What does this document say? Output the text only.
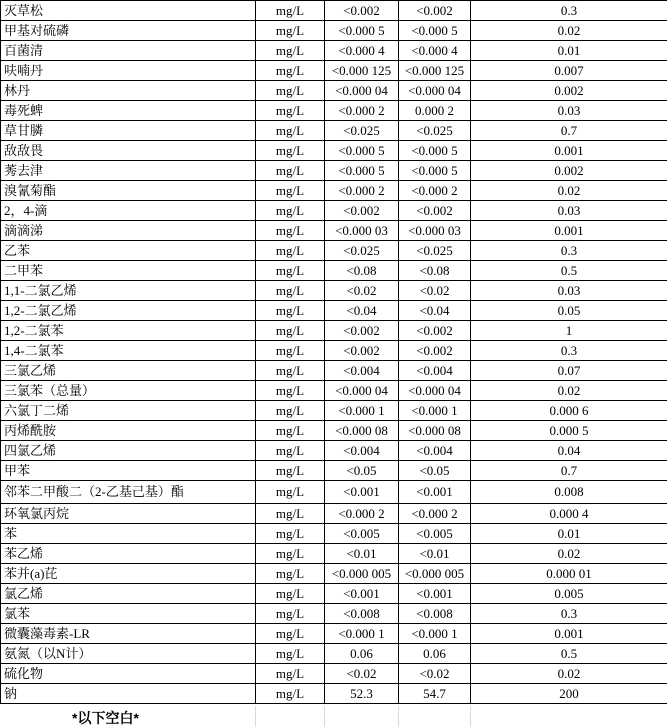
灭草松	mg/L	<0.002	<0.002	0.3
甲基对硫磷	mg/L	<0.000 5	<0.000 5	0.02
百菌清	mg/L	<0.000 4	<0.000 4	0.01
呋喃丹	mg/L	<0.000 125	<0.000 125	0.007
林丹	mg/L	<0.000 04	<0.000 04	0.002
毒死蜱	mg/L	<0.000 2	0.000 2	0.03
草甘膦	mg/L	<0.025	<0.025	0.7
敌敌畏	mg/L	<0.000 5	<0.000 5	0.001
莠去津	mg/L	<0.000 5	<0.000 5	0.002
溴氰菊酯	mg/L	<0.000 2	<0.000 2	0.02
2，4-滴	mg/L	<0.002	<0.002	0.03
滴滴涕	mg/L	<0.000 03	<0.000 03	0.001
乙苯	mg/L	<0.025	<0.025	0.3
二甲苯	mg/L	<0.08	<0.08	0.5
1,1-二氯乙烯	mg/L	<0.02	<0.02	0.03
1,2-二氯乙烯	mg/L	<0.04	<0.04	0.05
1,2-二氯苯	mg/L	<0.002	<0.002	1
1,4-二氯苯	mg/L	<0.002	<0.002	0.3
三氯乙烯	mg/L	<0.004	<0.004	0.07
三氯苯（总量）	mg/L	<0.000 04	<0.000 04	0.02
六氯丁二烯	mg/L	<0.000 1	<0.000 1	0.000 6
丙烯酰胺	mg/L	<0.000 08	<0.000 08	0.000 5
四氯乙烯	mg/L	<0.004	<0.004	0.04
甲苯	mg/L	<0.05	<0.05	0.7
邻苯二甲酸二（2-乙基己基）酯	mg/L	<0.001	<0.001	0.008
环氧氯丙烷	mg/L	<0.000 2	<0.000 2	0.000 4
苯	mg/L	<0.005	<0.005	0.01
苯乙烯	mg/L	<0.01	<0.01	0.02
苯并(a)芘	mg/L	<0.000 005	<0.000 005	0.000 01
氯乙烯	mg/L	<0.001	<0.001	0.005
氯苯	mg/L	<0.008	<0.008	0.3
微囊藻毒素-LR	mg/L	<0.000 1	<0.000 1	0.001
氨氮（以N计）	mg/L	0.06	0.06	0.5
硫化物	mg/L	<0.02	<0.02	0.02
钠	mg/L	52.3	54.7	200
*以下空白*
